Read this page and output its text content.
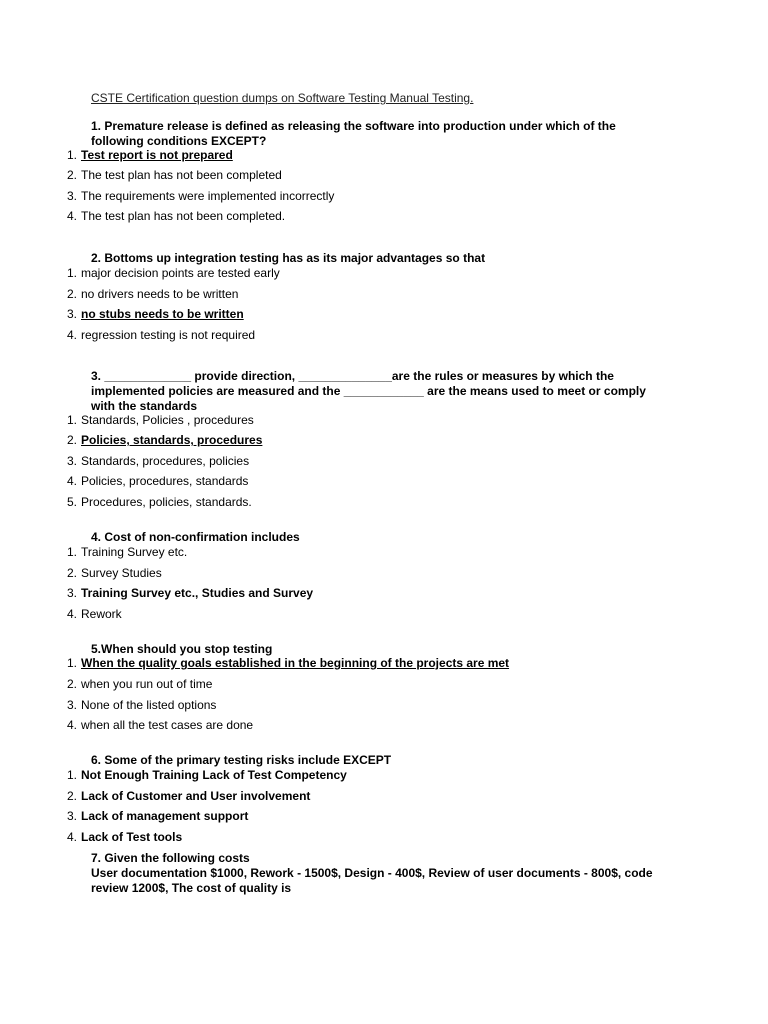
CSTE Certification question dumps on Software Testing Manual Testing.
1. Premature release is defined as releasing the software into production under which of the
following conditions EXCEPT?
1. Test report is not prepared
2. The test plan has not been completed
3. The requirements were implemented incorrectly
4. The test plan has not been completed.
2. Bottoms up integration testing has as its major advantages so that
1. major decision points are tested early
2. no drivers needs to be written
3. no stubs needs to be written
4. regression testing is not required
3. _____________ provide direction, ______________are the rules or measures by which the
implemented policies are measured and the ____________ are the means used to meet or comply
with the standards
1. Standards, Policies , procedures
2. Policies, standards, procedures
3. Standards, procedures, policies
4. Policies, procedures, standards
5. Procedures, policies, standards.
4. Cost of non-confirmation includes
1. Training Survey etc.
2. Survey Studies
3. Training Survey etc., Studies and Survey
4. Rework
5.When should you stop testing
1. When the quality goals established in the beginning of the projects are met
2. when you run out of time
3. None of the listed options
4. when all the test cases are done
6. Some of the primary testing risks include EXCEPT
1. Not Enough Training Lack of Test Competency
2. Lack of Customer and User involvement
3. Lack of management support
4. Lack of Test tools
7. Given the following costs
User documentation $1000, Rework - 1500$, Design - 400$, Review of user documents - 800$, code
review 1200$, The cost of quality is
